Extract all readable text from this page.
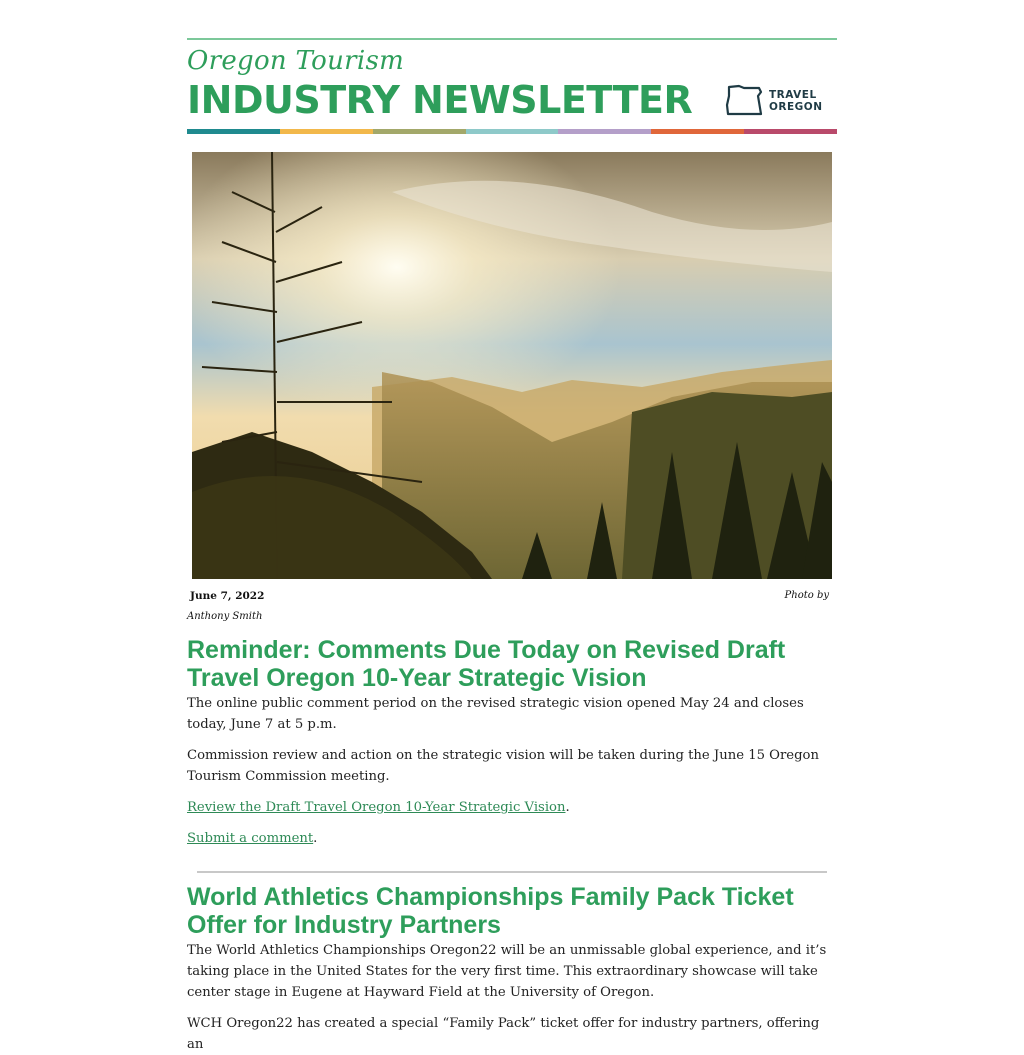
Oregon Tourism
INDUSTRY NEWSLETTER	TRAVEL
OREGON
June 7, 2022	Photo by
Anthony Smith
Reminder: Comments Due Today on Revised Draft Travel Oregon 10-Year Strategic Vision

The online public comment period on the revised strategic vision opened May 24 and closes today, June 7 at 5 p.m.

Commission review and action on the strategic vision will be taken during the June 15 Oregon Tourism Commission meeting.

Review the Draft Travel Oregon 10-Year Strategic Vision.

Submit a comment.

World Athletics Championships Family Pack Ticket Offer for Industry Partners

The World Athletics Championships Oregon22 will be an unmissable global experience, and it’s taking place in the United States for the very first time. This extraordinary showcase will take center stage in Eugene at Hayward Field at the University of Oregon.

WCH Oregon22 has created a special “Family Pack” ticket offer for industry partners, offering an
